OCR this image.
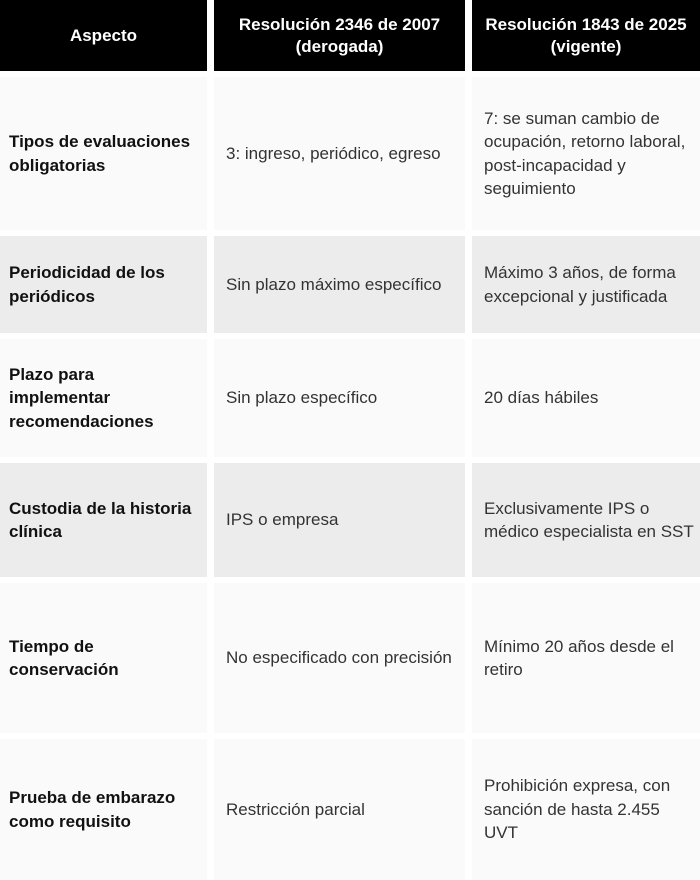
Aspecto
Resolución 2346 de 2007 (derogada)
Resolución 1843 de 2025 (vigente)
Tipos de evaluaciones obligatorias
3: ingreso, periódico, egreso
7: se suman cambio de ocupación, retorno laboral, post-incapacidad y seguimiento
Periodicidad de los periódicos
Sin plazo máximo específico
Máximo 3 años, de forma excepcional y justificada
Plazo para implementar recomendaciones
Sin plazo específico	20 días hábiles
Custodia de la historia clínica
IPS o empresa
Exclusivamente IPS o médico especialista en SST
Tiempo de conservación
No especificado con precisión
Mínimo 20 años desde el retiro
Prueba de embarazo como requisito
Restricción parcial
Prohibición expresa, con sanción de hasta 2.455 UVT
